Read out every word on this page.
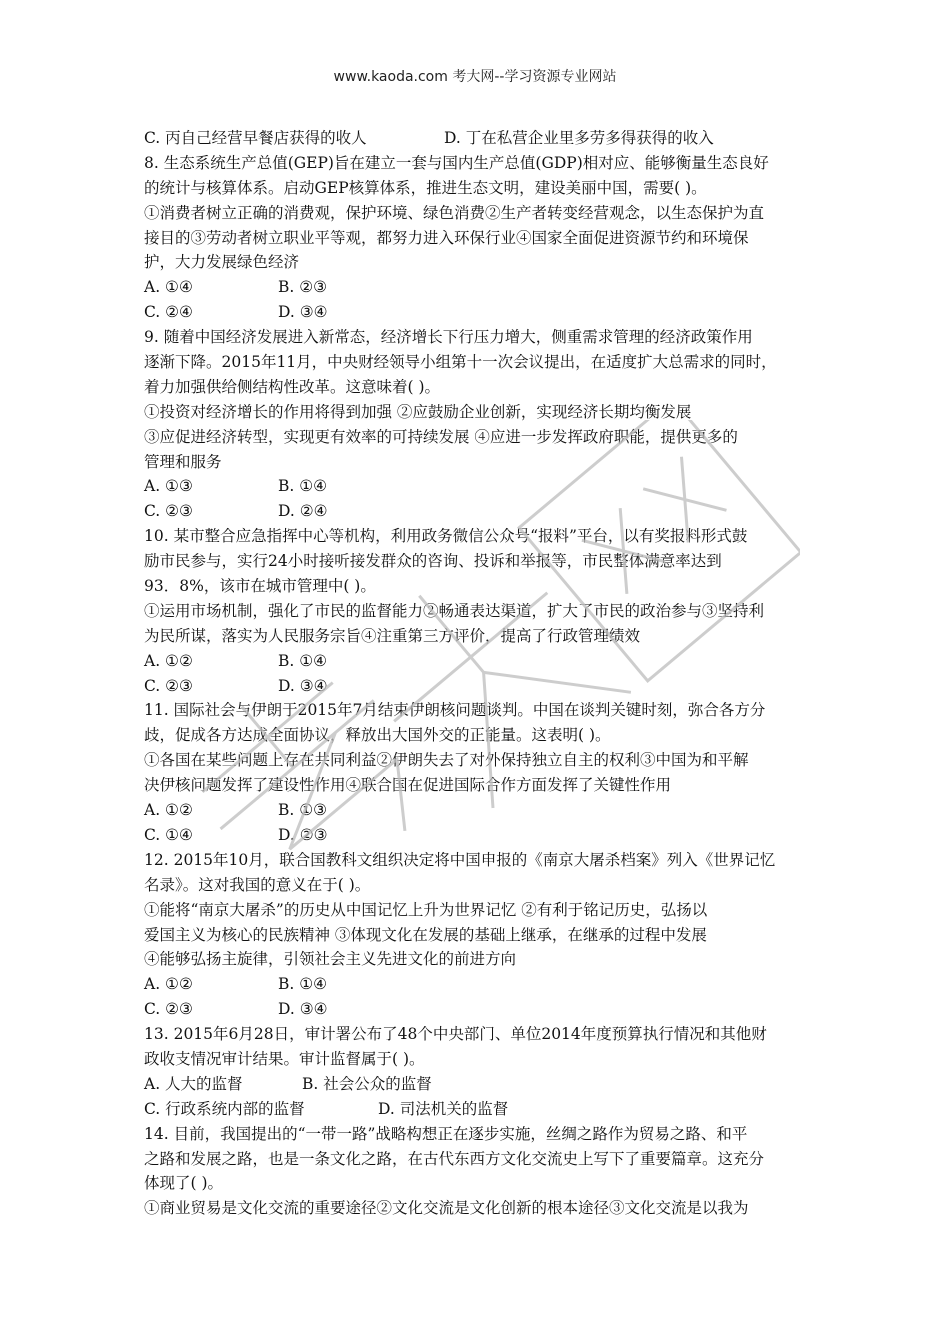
www.kaoda.com 考大网--学习资源专业网站
C. 丙自己经营早餐店获得的收人	D. 丁在私营企业里多劳多得获得的收入
8. 生态系统生产总值(GEP)旨在建立一套与国内生产总值(GDP)相对应、能够衡量生态良好
的统计与核算体系。启动GEP核算体系，推进生态文明，建设美丽中国，需要( )。
①消费者树立正确的消费观，保护环境、绿色消费②生产者转变经营观念，以生态保护为直
接目的③劳动者树立职业平等观，都努力进入环保行业④国家全面促进资源节约和环境保
护，大力发展绿色经济
A. ①④	B. ②③
C. ②④	D. ③④
9. 随着中国经济发展进入新常态，经济增长下行压力增大，侧重需求管理的经济政策作用
逐渐下降。2015年11月，中央财经领导小组第十一次会议提出，在适度扩大总需求的同时，
着力加强供给侧结构性改革。这意味着( )。
①投资对经济增长的作用将得到加强 ②应鼓励企业创新，实现经济长期均衡发展
③应促进经济转型，实现更有效率的可持续发展 ④应进一步发挥政府职能，提供更多的
管理和服务
A. ①③	B. ①④
C. ②③	D. ②④
10. 某市整合应急指挥中心等机构，利用政务微信公众号“报料”平台，以有奖报料形式鼓
励市民参与，实行24小时接听接发群众的咨询、投诉和举报等，市民整体满意率达到
93．8%，该市在城市管理中( )。
①运用市场机制，强化了市民的监督能力②畅通表达渠道，扩大了市民的政治参与③坚持利
为民所谋，落实为人民服务宗旨④注重第三方评价，提高了行政管理绩效
A. ①②	B. ①④
C. ②③	D. ③④
11. 国际社会与伊朗于2015年7月结束伊朗核问题谈判。中国在谈判关键时刻，弥合各方分
歧，促成各方达成全面协议，释放出大国外交的正能量。这表明( )。
①各国在某些问题上存在共同利益②伊朗失去了对外保持独立自主的权利③中国为和平解
决伊核问题发挥了建设性作用④联合国在促进国际合作方面发挥了关键性作用
A. ①②	B. ①③
C. ①④	D. ②③
12. 2015年10月，联合国教科文组织决定将中国申报的《南京大屠杀档案》列入《世界记忆
名录》。这对我国的意义在于( )。
①能将“南京大屠杀”的历史从中国记忆上升为世界记忆 ②有利于铭记历史，弘扬以
爱国主义为核心的民族精神 ③体现文化在发展的基础上继承，在继承的过程中发展
④能够弘扬主旋律，引领社会主义先进文化的前进方向
A. ①②	B. ①④
C. ②③	D. ③④
13. 2015年6月28日，审计署公布了48个中央部门、单位2014年度预算执行情况和其他财
政收支情况审计结果。审计监督属于( )。
A. 人大的监督	B. 社会公众的监督
C. 行政系统内部的监督	D. 司法机关的监督
14. 目前，我国提出的“一带一路”战略构想正在逐步实施，丝绸之路作为贸易之路、和平
之路和发展之路，也是一条文化之路，在古代东西方文化交流史上写下了重要篇章。这充分
体现了( )。
①商业贸易是文化交流的重要途径②文化交流是文化创新的根本途径③文化交流是以我为
